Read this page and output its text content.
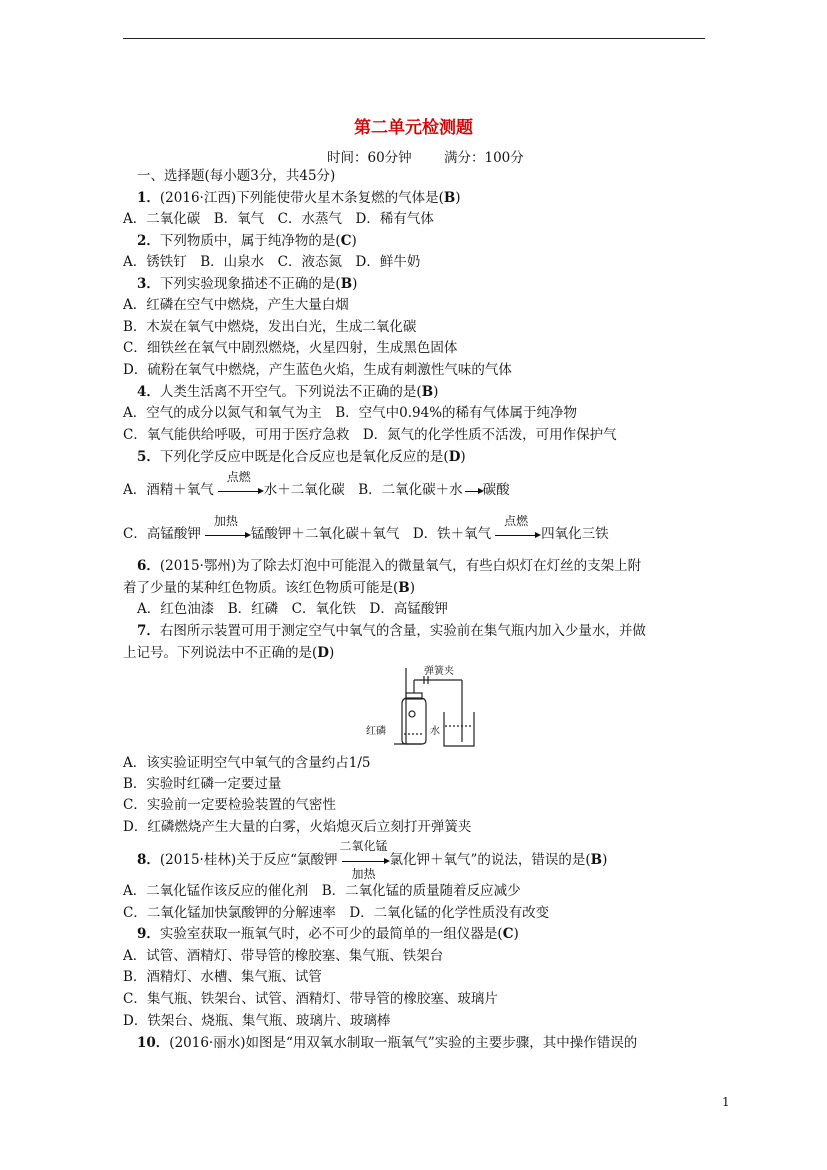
第二单元检测题
时间：60分钟 满分：100分
一、选择题(每小题3分，共45分)
1．(2016·江西)下列能使带火星木条复燃的气体是(B)
A．二氧化碳　B．氧气　C．水蒸气　D．稀有气体
2．下列物质中，属于纯净物的是(C)
A．锈铁钉　B．山泉水　C．液态氮　D．鲜牛奶
3．下列实验现象描述不正确的是(B)
A．红磷在空气中燃烧，产生大量白烟
B．木炭在氧气中燃烧，发出白光，生成二氧化碳
C．细铁丝在氧气中剧烈燃烧，火星四射，生成黑色固体
D．硫粉在氧气中燃烧，产生蓝色火焰，生成有刺激性气味的气体
4．人类生活离不开空气。下列说法不正确的是(B)
A．空气的成分以氮气和氧气为主　B．空气中0.94%的稀有气体属于纯净物
C．氧气能供给呼吸，可用于医疗急救　D．氮气的化学性质不活泼，可用作保护气
5．下列化学反应中既是化合反应也是氧化反应的是(D)
A．酒精＋氧气
点燃
水＋二氧化碳　 B．二氧化碳＋水→碳酸
C．高锰酸钾
加热
锰酸钾＋二氧化碳＋氧气　 D．铁＋氧气
点燃
四氧化三铁
6．(2015·鄂州)为了除去灯泡中可能混入的微量氧气，有些白炽灯在灯丝的支架上附
着了少量的某种红色物质。该红色物质可能是(B)
A．红色油漆　B．红磷　C．氧化铁　D．高锰酸钾
7．右图所示装置可用于测定空气中氧气的含量，实验前在集气瓶内加入少量水，并做
上记号。下列说法中不正确的是(D)
弹簧夹
红磷	水
A．该实验证明空气中氧气的含量约占1/5
B．实验时红磷一定要过量
C．实验前一定要检验装置的气密性
D．红磷燃烧产生大量的白雾，火焰熄灭后立刻打开弹簧夹
8．(2015·桂林)关于反应“氯酸钾
二氧化锰
加热
氯化钾＋氧气”的说法，错误的是(B)
A．二氧化锰作该反应的催化剂　B．二氧化锰的质量随着反应减少
C．二氧化锰加快氯酸钾的分解速率　D．二氧化锰的化学性质没有改变
9．实验室获取一瓶氧气时，必不可少的最简单的一组仪器是(C)
A．试管、酒精灯、带导管的橡胶塞、集气瓶、铁架台
B．酒精灯、水槽、集气瓶、试管
C．集气瓶、铁架台、试管、酒精灯、带导管的橡胶塞、玻璃片
D．铁架台、烧瓶、集气瓶、玻璃片、玻璃棒
10．(2016·丽水)如图是“用双氧水制取一瓶氧气”实验的主要步骤，其中操作错误的
1
